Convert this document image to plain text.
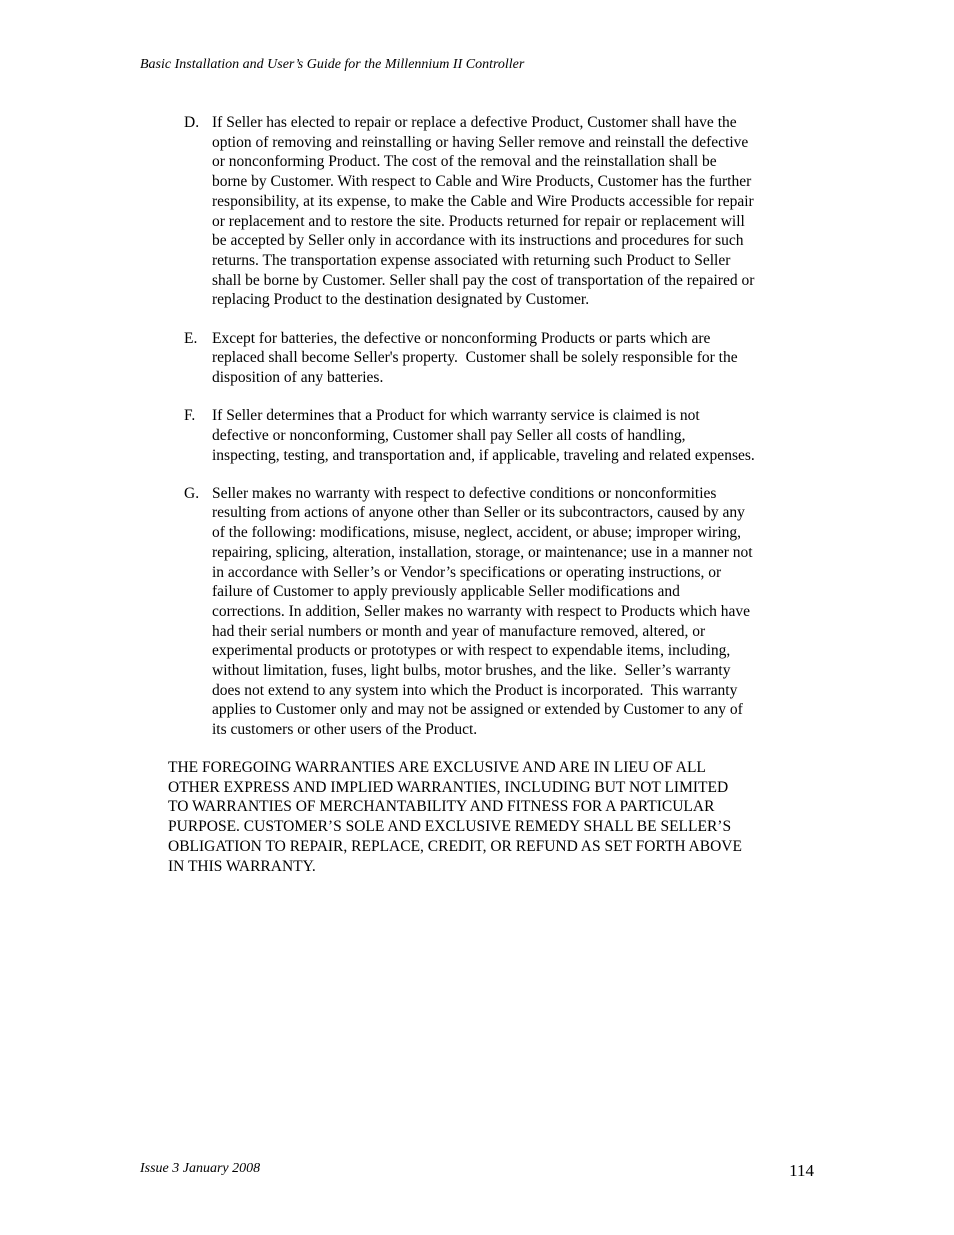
Basic Installation and User’s Guide for the Millennium II Controller
D. If Seller has elected to repair or replace a defective Product, Customer shall have the
option of removing and reinstalling or having Seller remove and reinstall the defective
or nonconforming Product. The cost of the removal and the reinstallation shall be
borne by Customer. With respect to Cable and Wire Products, Customer has the further
responsibility, at its expense, to make the Cable and Wire Products accessible for repair
or replacement and to restore the site. Products returned for repair or replacement will
be accepted by Seller only in accordance with its instructions and procedures for such
returns. The transportation expense associated with returning such Product to Seller
shall be borne by Customer. Seller shall pay the cost of transportation of the repaired or
replacing Product to the destination designated by Customer.
E. Except for batteries, the defective or nonconforming Products or parts which are
replaced shall become Seller's property.  Customer shall be solely responsible for the
disposition of any batteries.
F.	If Seller determines that a Product for which warranty service is claimed is not
defective or nonconforming, Customer shall pay Seller all costs of handling,
inspecting, testing, and transportation and, if applicable, traveling and related expenses.
G. Seller makes no warranty with respect to defective conditions or nonconformities
resulting from actions of anyone other than Seller or its subcontractors, caused by any
of the following: modifications, misuse, neglect, accident, or abuse; improper wiring,
repairing, splicing, alteration, installation, storage, or maintenance; use in a manner not
in accordance with Seller’s or Vendor’s specifications or operating instructions, or
failure of Customer to apply previously applicable Seller modifications and
corrections. In addition, Seller makes no warranty with respect to Products which have
had their serial numbers or month and year of manufacture removed, altered, or
experimental products or prototypes or with respect to expendable items, including,
without limitation, fuses, light bulbs, motor brushes, and the like.  Seller’s warranty
does not extend to any system into which the Product is incorporated.  This warranty
applies to Customer only and may not be assigned or extended by Customer to any of
its customers or other users of the Product.
THE FOREGOING WARRANTIES ARE EXCLUSIVE AND ARE IN LIEU OF ALL
OTHER EXPRESS AND IMPLIED WARRANTIES, INCLUDING BUT NOT LIMITED
TO WARRANTIES OF MERCHANTABILITY AND FITNESS FOR A PARTICULAR
PURPOSE. CUSTOMER’S SOLE AND EXCLUSIVE REMEDY SHALL BE SELLER’S
OBLIGATION TO REPAIR, REPLACE, CREDIT, OR REFUND AS SET FORTH ABOVE
IN THIS WARRANTY.
Issue 3 January 2008	114
